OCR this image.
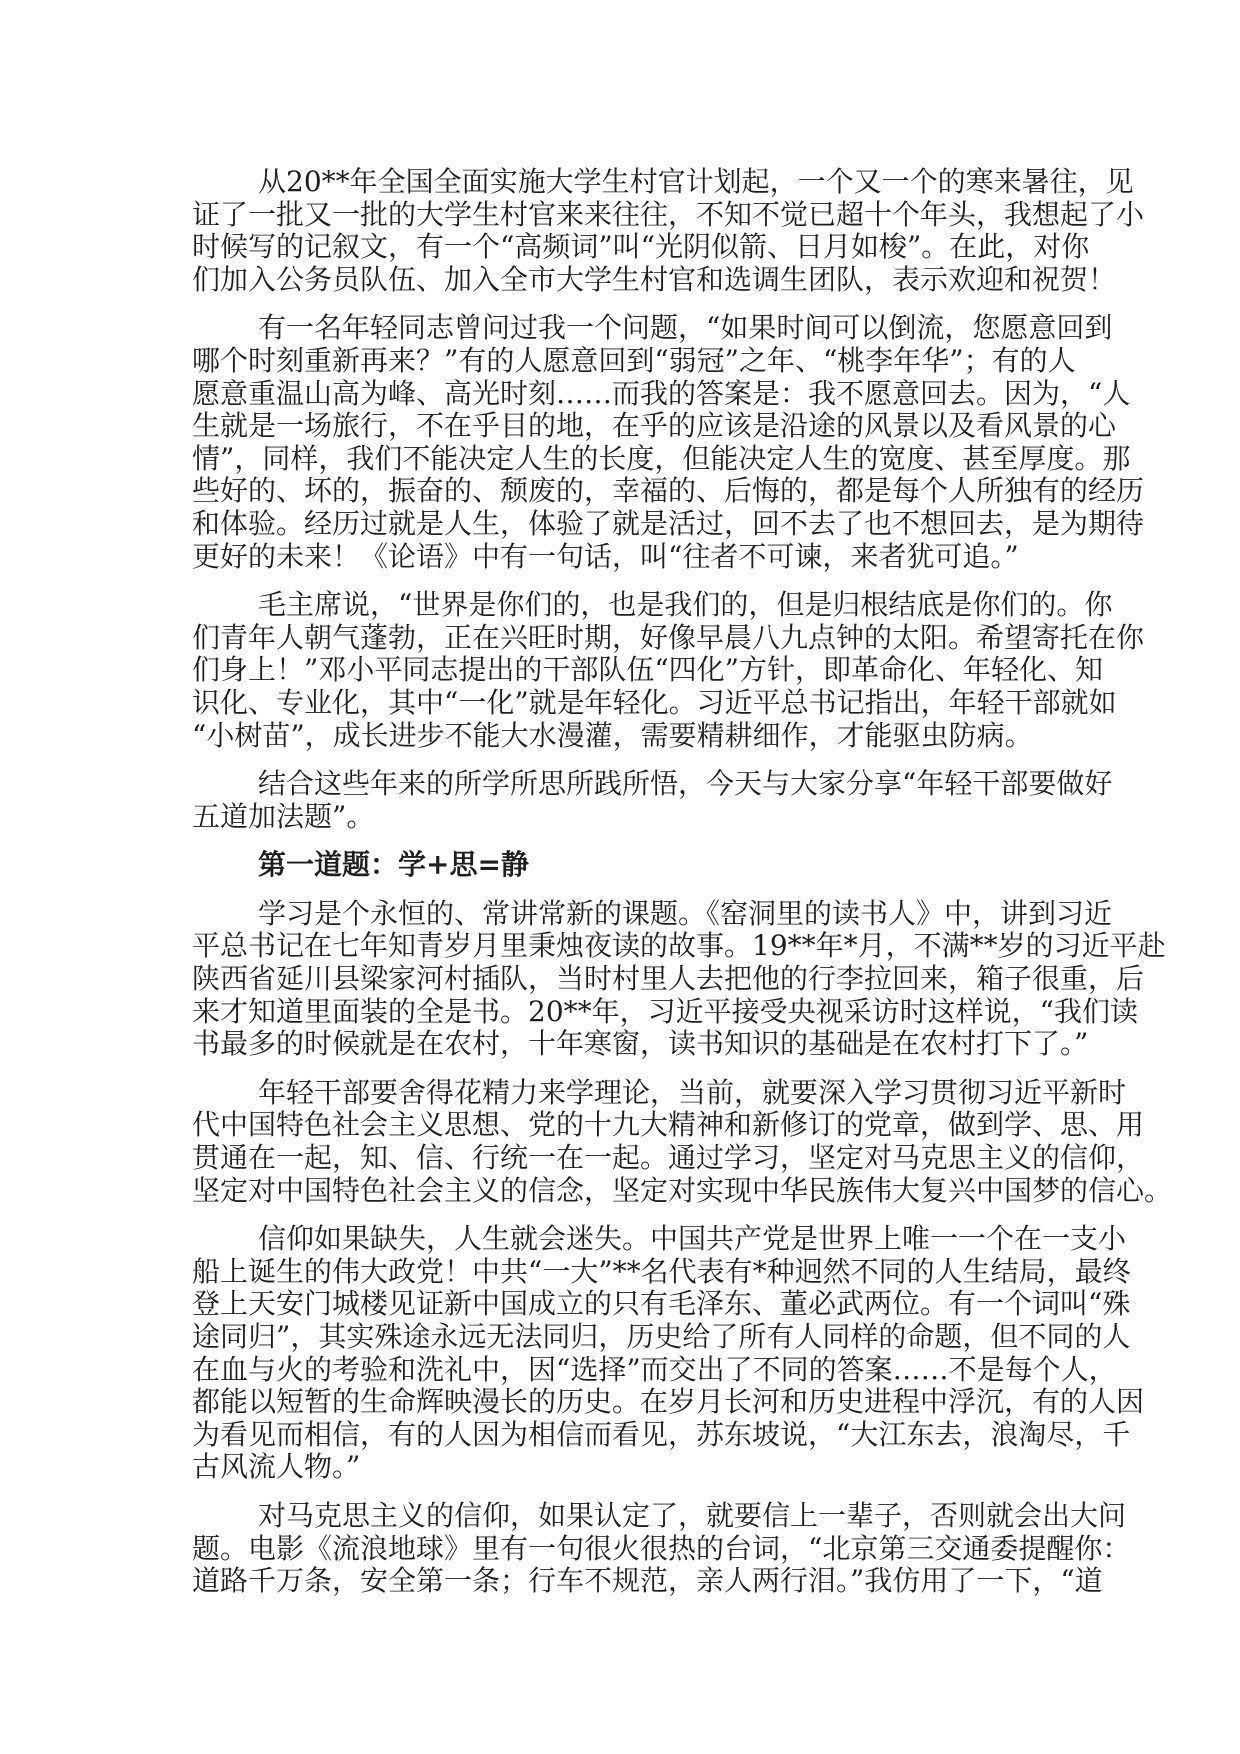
从20**年全国全面实施大学生村官计划起，一个又一个的寒来暑往，见
证了一批又一批的大学生村官来来往往，不知不觉已超十个年头，我想起了小
时候写的记叙文，有一个“高频词”叫“光阴似箭、日月如梭”。在此，对你
们加入公务员队伍、加入全市大学生村官和选调生团队，表示欢迎和祝贺！
有一名年轻同志曾问过我一个问题，“如果时间可以倒流，您愿意回到
哪个时刻重新再来？”有的人愿意回到“弱冠”之年、“桃李年华”；有的人
愿意重温山高为峰、高光时刻……而我的答案是：我不愿意回去。因为，“人
生就是一场旅行，不在乎目的地，在乎的应该是沿途的风景以及看风景的心
情”，同样，我们不能决定人生的长度，但能决定人生的宽度、甚至厚度。那
些好的、坏的，振奋的、颓废的，幸福的、后悔的，都是每个人所独有的经历
和体验。经历过就是人生，体验了就是活过，回不去了也不想回去，是为期待
更好的未来！《论语》中有一句话，叫“往者不可谏，来者犹可追。”
毛主席说，“世界是你们的，也是我们的，但是归根结底是你们的。你
们青年人朝气蓬勃，正在兴旺时期，好像早晨八九点钟的太阳。希望寄托在你
们身上！”邓小平同志提出的干部队伍“四化”方针，即革命化、年轻化、知
识化、专业化，其中“一化”就是年轻化。习近平总书记指出，年轻干部就如
“小树苗”，成长进步不能大水漫灌，需要精耕细作，才能驱虫防病。
结合这些年来的所学所思所践所悟，今天与大家分享“年轻干部要做好
五道加法题”。
第一道题：学+思=静
学习是个永恒的、常讲常新的课题。《窑洞里的读书人》中，讲到习近
平总书记在七年知青岁月里秉烛夜读的故事。19**年*月，不满**岁的习近平赴
陕西省延川县梁家河村插队，当时村里人去把他的行李拉回来，箱子很重，后
来才知道里面装的全是书。20**年，习近平接受央视采访时这样说，“我们读
书最多的时候就是在农村，十年寒窗，读书知识的基础是在农村打下了。”
年轻干部要舍得花精力来学理论，当前，就要深入学习贯彻习近平新时
代中国特色社会主义思想、党的十九大精神和新修订的党章，做到学、思、用
贯通在一起，知、信、行统一在一起。通过学习，坚定对马克思主义的信仰，
坚定对中国特色社会主义的信念，坚定对实现中华民族伟大复兴中国梦的信心。
信仰如果缺失，人生就会迷失。中国共产党是世界上唯一一个在一支小
船上诞生的伟大政党！中共“一大”**名代表有*种迥然不同的人生结局，最终
登上天安门城楼见证新中国成立的只有毛泽东、董必武两位。有一个词叫“殊
途同归”，其实殊途永远无法同归，历史给了所有人同样的命题，但不同的人
在血与火的考验和洗礼中，因“选择”而交出了不同的答案……不是每个人，
都能以短暂的生命辉映漫长的历史。在岁月长河和历史进程中浮沉，有的人因
为看见而相信，有的人因为相信而看见，苏东坡说，“大江东去，浪淘尽，千
古风流人物。”
对马克思主义的信仰，如果认定了，就要信上一辈子，否则就会出大问
题。电影《流浪地球》里有一句很火很热的台词，“北京第三交通委提醒你：
道路千万条，安全第一条；行车不规范，亲人两行泪。”我仿用了一下，“道
